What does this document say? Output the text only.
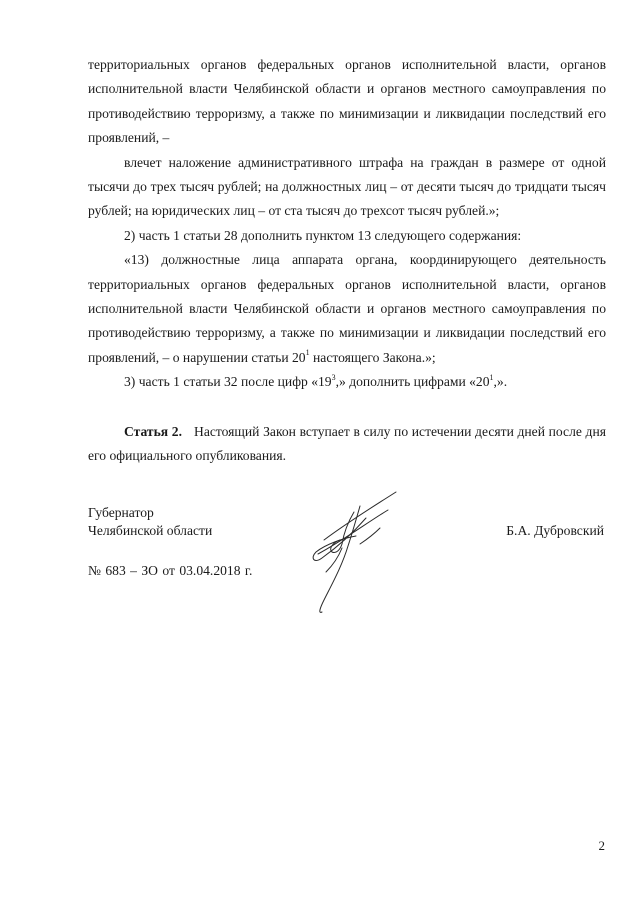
территориальных органов федеральных органов исполнительной власти, органов исполнительной власти Челябинской области и органов местного самоуправления по противодействию терроризму, а также по минимизации и ликвидации последствий его проявлений, –

влечет наложение административного штрафа на граждан в размере от одной тысячи до трех тысяч рублей; на должностных лиц – от десяти тысяч до тридцати тысяч рублей; на юридических лиц – от ста тысяч до трехсот тысяч рублей.»;

2) часть 1 статьи 28 дополнить пунктом 13 следующего содержания:

«13) должностные лица аппарата органа, координирующего деятельность территориальных органов федеральных органов исполнительной власти, органов исполнительной власти Челябинской области и органов местного самоуправления по противодействию терроризму, а также по минимизации и ликвидации последствий его проявлений, – о нарушении статьи $20^1$ настоящего Закона.»;

3) часть 1 статьи 32 после цифр «$19^3$,» дополнить цифрами «$20^1$,».

Статья 2. Настоящий Закон вступает в силу по истечении десяти дней после дня его официального опубликования.

Губернатор
Челябинской области	Б.А. Дубровский
№ 683 – ЗО от 03.04.2018 г.
2
